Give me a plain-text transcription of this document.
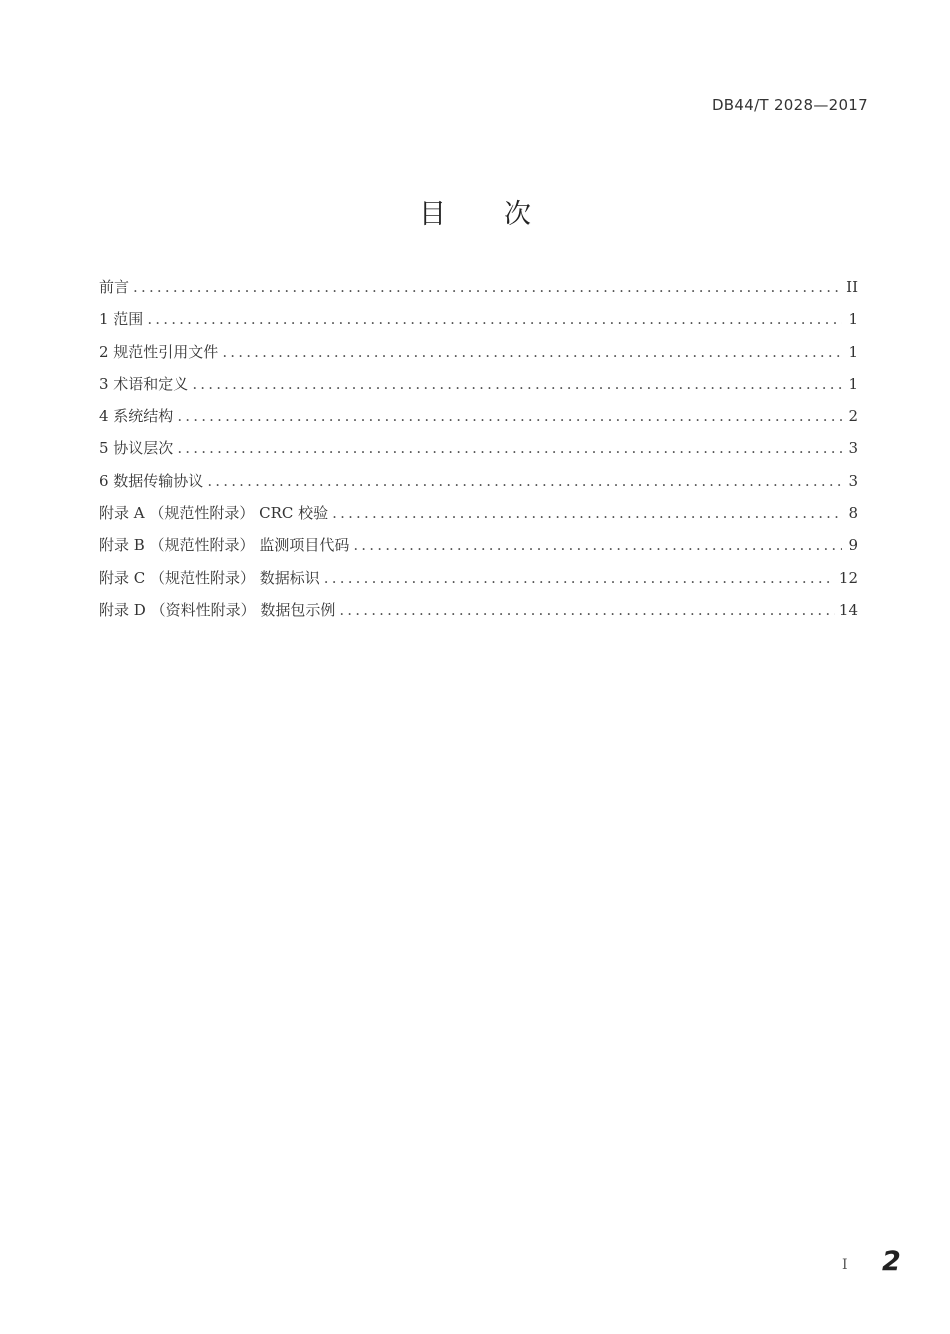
DB44/T 2028—2017
目 次
前言 .....	II
1 范围 .....	1
2 规范性引用文件 .....	1
3 术语和定义 .....	1
4 系统结构 .....	2
5 协议层次 .....	3
6 数据传输协议 .....	3
附录 A （规范性附录） CRC 校验 .....	8
附录 B （规范性附录） 监测项目代码 .....	9
附录 C （规范性附录） 数据标识 .....	12
附录 D （资料性附录） 数据包示例 .....	14
I 2
